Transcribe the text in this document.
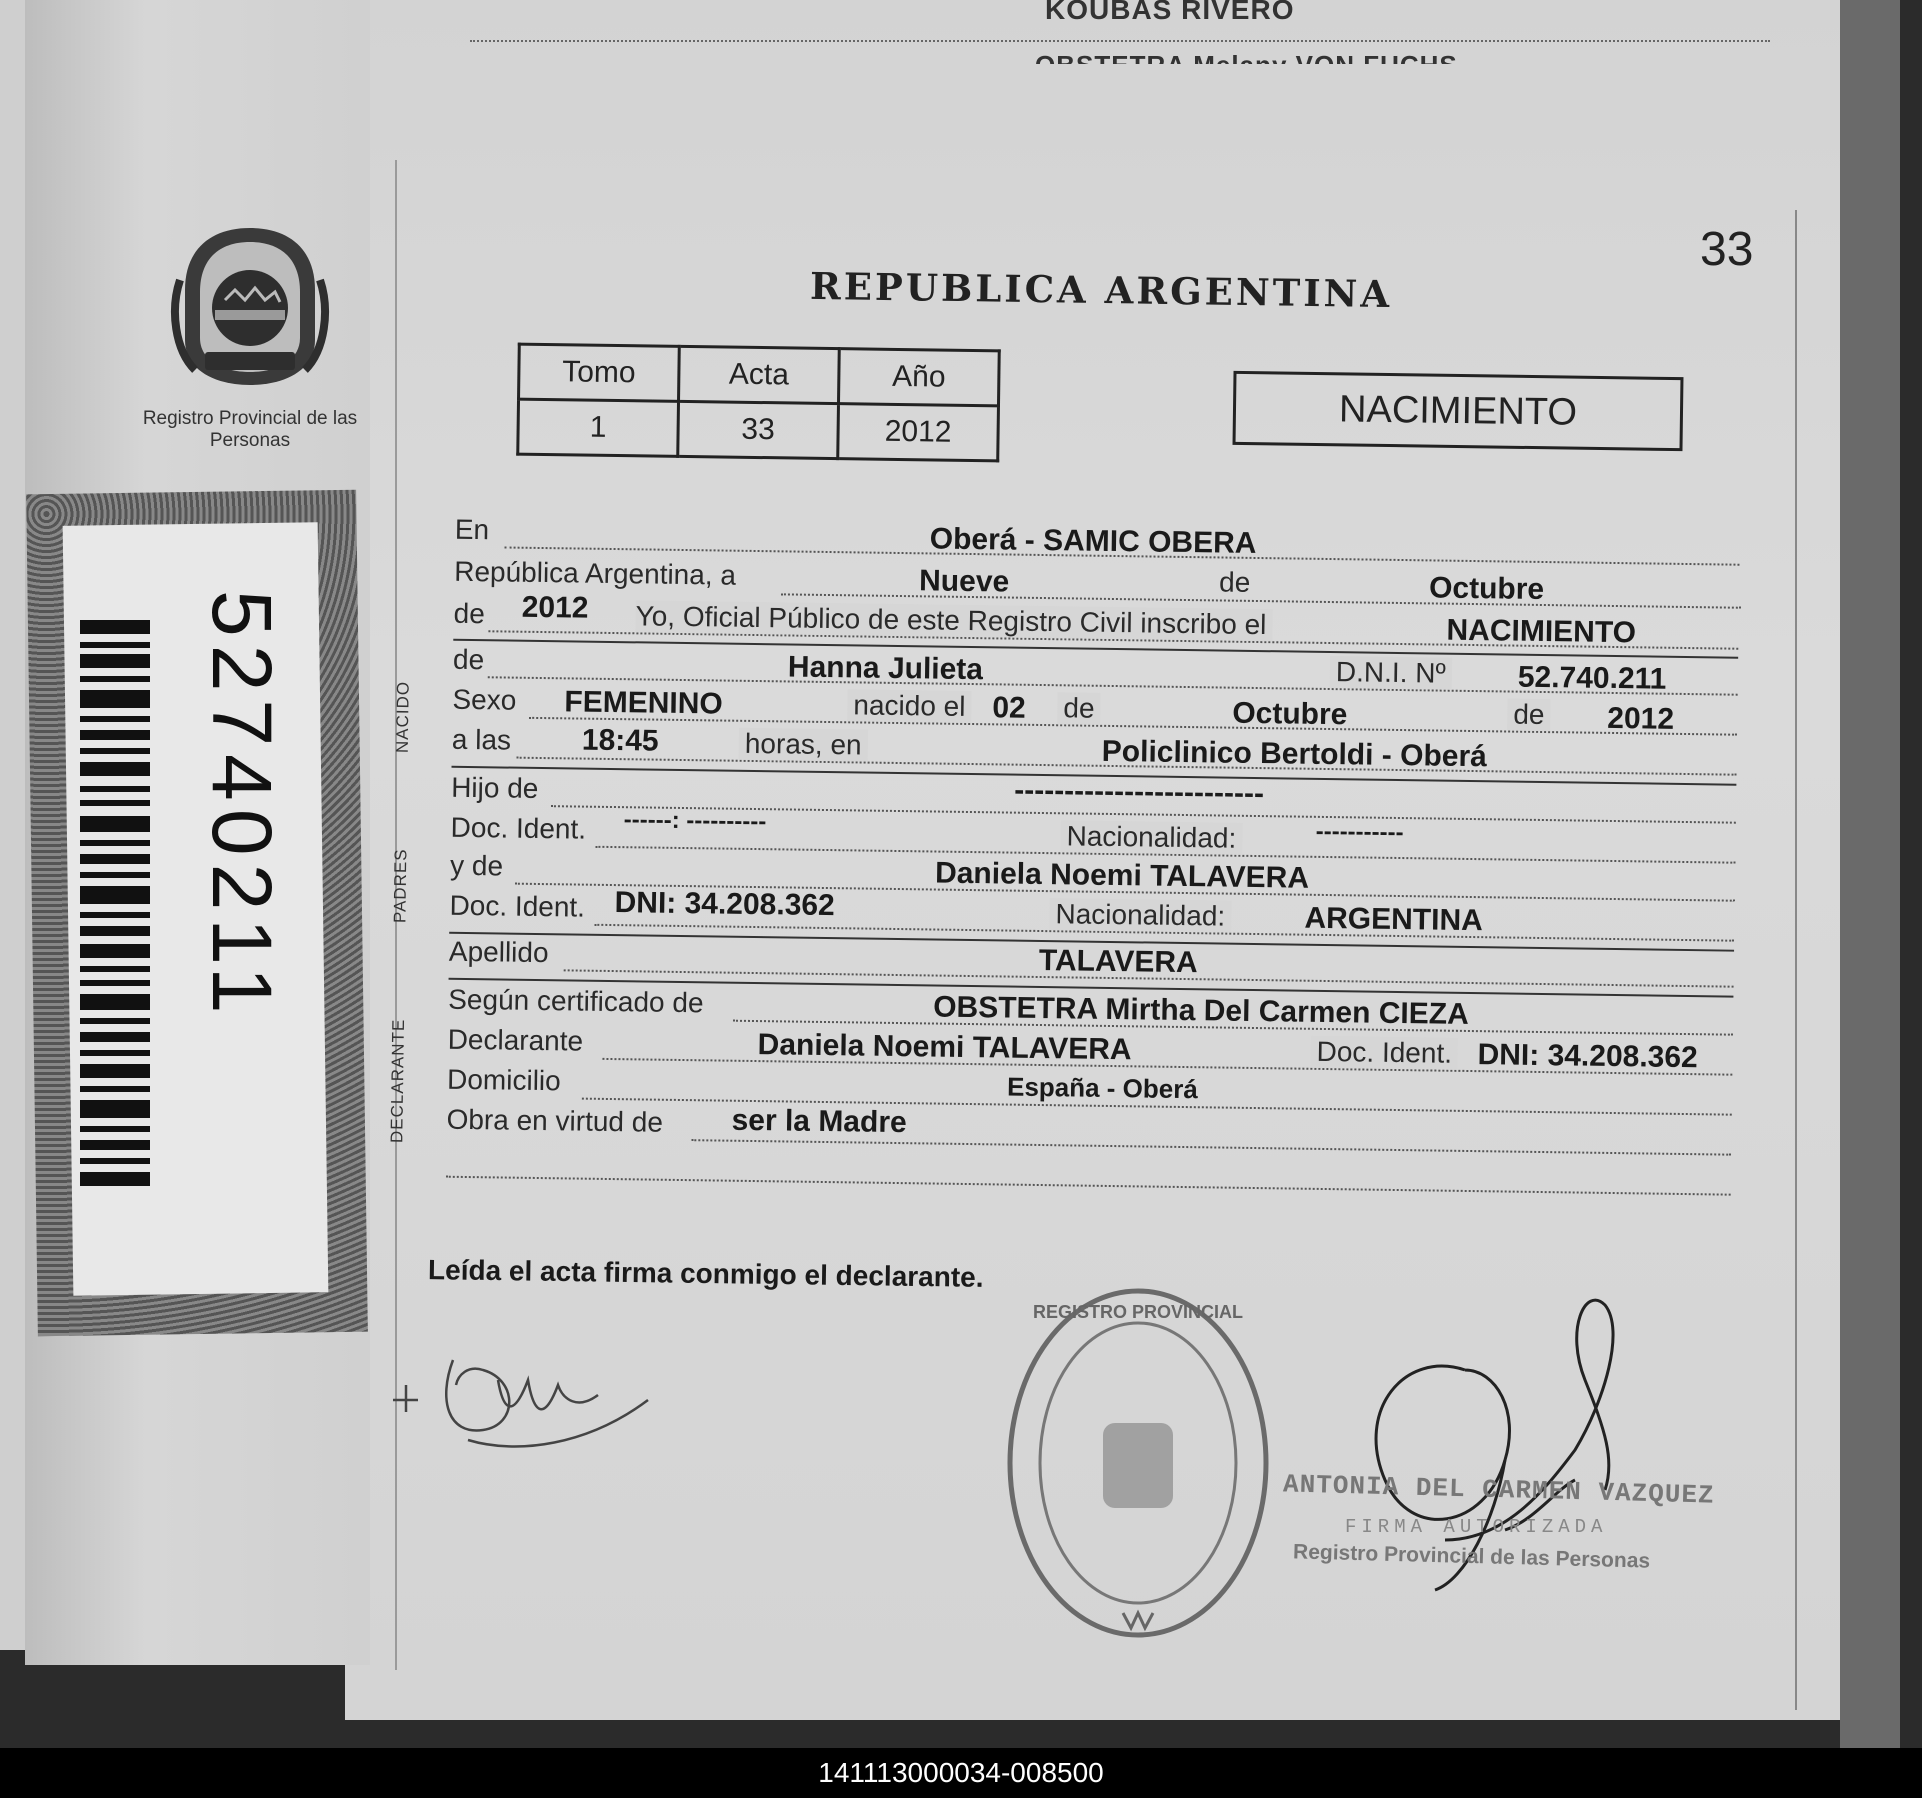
KOUBAS RIVERO
Registro Provincial de las Personas
52740211
33
REPUBLICA ARGENTINA
Tomo	Acta	Año
1	33	2012	NACIMIENTO
En	Oberá - SAMIC OBERA
República Argentina, a	Nueve	de	Octubre
de 2012 Yo, Oficial Público de este Registro Civil inscribo el	NACIMIENTO
NACIDO
de	Hanna Julieta	D.N.I. Nº 52.740.211
Sexo FEMENINO	nacido el 02 de	Octubre	de 2012
a las 18:45	horas, en	Policlinico Bertoldi - Oberá
PADRES
Hijo de	-------------------------
Doc. Ident. ------: ----------	Nacionalidad:	-----------
y de	Daniela Noemi TALAVERA
Doc. Ident. DNI: 34.208.362	Nacionalidad:	ARGENTINA
Apellido	TALAVERA
DECLARANTE
Según certificado de	OBSTETRA Mirtha Del Carmen CIEZA
Declarante	Daniela Noemi TALAVERA	Doc. Ident. DNI: 34.208.362
Domicilio	España - Oberá
Obra en virtud de ser la Madre
Leída el acta firma conmigo el declarante.
REGISTRO PROVINCIAL
ANTONIA DEL CARMEN VAZQUEZ
FIRMA AUTORIZADA
Registro Provincial de las Personas
141113000034-008500
